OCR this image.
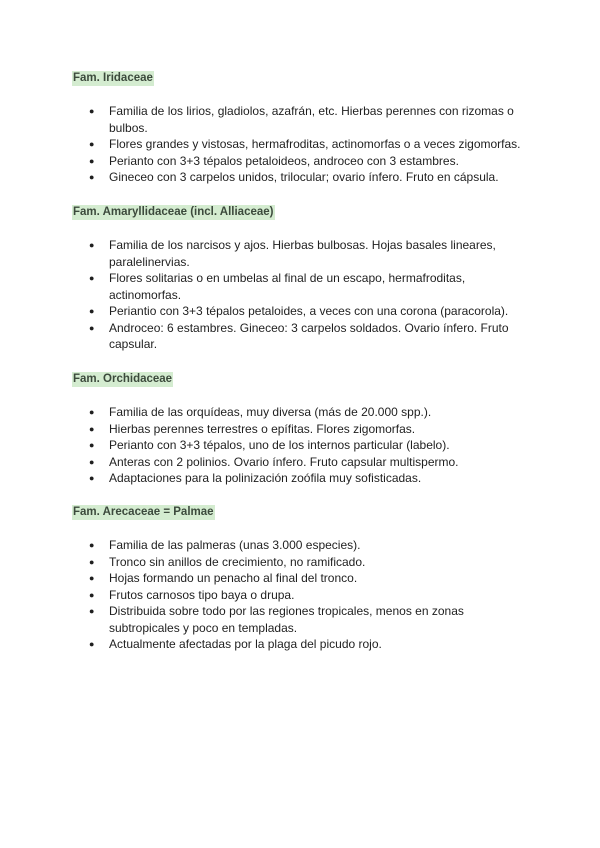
Fam. Iridaceae
● Familia de los lirios, gladiolos, azafrán, etc. Hierbas perennes con rizomas o bulbos.
● Flores grandes y vistosas, hermafroditas, actinomorfas o a veces zigomorfas.
● Perianto con 3+3 tépalos petaloideos, androceo con 3 estambres.
● Gineceo con 3 carpelos unidos, trilocular; ovario ínfero. Fruto en cápsula.
Fam. Amaryllidaceae (incl. Alliaceae)
● Familia de los narcisos y ajos. Hierbas bulbosas. Hojas basales lineares, paralelinervias.
● Flores solitarias o en umbelas al final de un escapo, hermafroditas, actinomorfas.
● Periantio con 3+3 tépalos petaloides, a veces con una corona (paracorola).
● Androceo: 6 estambres. Gineceo: 3 carpelos soldados. Ovario ínfero. Fruto capsular.
Fam. Orchidaceae
● Familia de las orquídeas, muy diversa (más de 20.000 spp.).
● Hierbas perennes terrestres o epífitas. Flores zigomorfas.
● Perianto con 3+3 tépalos, uno de los internos particular (labelo).
● Anteras con 2 polinios. Ovario ínfero. Fruto capsular multispermo.
● Adaptaciones para la polinización zoófila muy sofisticadas.
Fam. Arecaceae = Palmae
● Familia de las palmeras (unas 3.000 especies).
● Tronco sin anillos de crecimiento, no ramificado.
● Hojas formando un penacho al final del tronco.
● Frutos carnosos tipo baya o drupa.
● Distribuida sobre todo por las regiones tropicales, menos en zonas subtropicales y poco en templadas.
● Actualmente afectadas por la plaga del picudo rojo.
